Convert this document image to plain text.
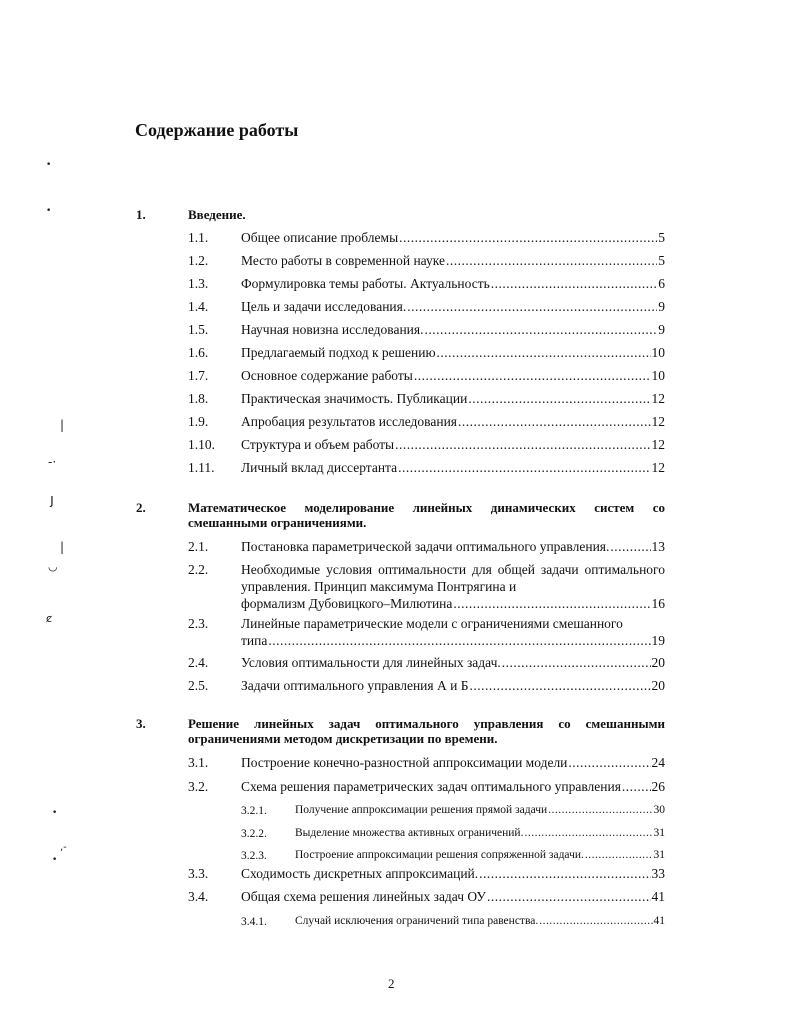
Содержание работы
1.	Введение.
1.1. Общее описание проблемы .....	5
1.2. Место работы в современной науке .....	5
1.3. Формулировка темы работы. Актуальность .....	6
1.4. Цель и задачи исследования. .....	9
1.5. Научная новизна исследования. .....	9
1.6. Предлагаемый подход к решению .....	10
1.7. Основное содержание работы .....	10
1.8. Практическая значимость. Публикации .....	12
1.9. Апробация результатов исследования .....	12
1.10. Структура и объем работы .....	12
1.11. Личный вклад диссертанта .....	12
2.	Математическое моделирование линейных динамических систем со смешанными ограничениями.
2.1. Постановка параметрической задачи оптимального управления. .....	13
2.2. Необходимые условия оптимальности для общей задачи оптимального управления. Принцип максимума Понтрягина и
формализм Дубовицкого–Милютина .....	16
2.3. Линейные параметрические модели с ограничениями смешанного
типа .....	19
2.4. Условия оптимальности для линейных задач. .....	20
2.5. Задачи оптимального управления А и Б .....	20
3.	Решение линейных задач оптимального управления со смешанными ограничениями методом дискретизации по времени.
3.1. Построение конечно-разностной аппроксимации модели .....	24
3.2. Схема решения параметрических задач оптимального управления ..... 26
3.2.1. Получение аппроксимации решения прямой задачи .....	30
3.2.2. Выделение множества активных ограничений. .....	31
3.2.3. Построение аппроксимации решения сопряженной задачи. .....	31
3.3. Сходимость дискретных аппроксимаций. .....	33
3.4. Общая схема решения линейных задач ОУ .....	41
3.4.1. Случай исключения ограничений типа равенства. .....	41
2
•
•
|
-·
ȷ
|
◡
ȼ
•
,-
•
